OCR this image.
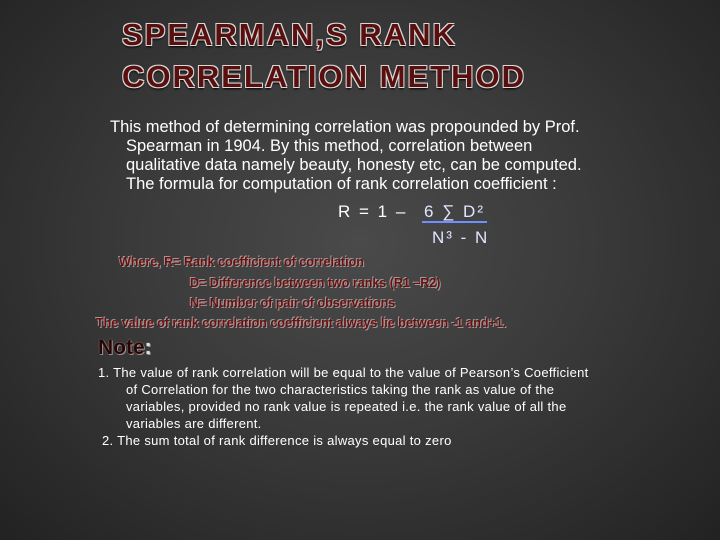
SPEARMAN,S RANK
CORRELATION METHOD

This method of determining correlation was propounded by Prof.
Spearman in 1904. By this method, correlation between
qualitative data namely beauty, honesty etc, can be computed.
The formula for computation of rank correlation coefficient :

R = 1 – 6 ∑ D²
N³ - N
Where, R= Rank coefficient of correlation
D= Difference between two ranks (R1 –R2)
N= Number of pair of observations
The value of rank correlation coefficient always lie between -1 and+1.
Note:
1. The value of rank correlation will be equal to the value of Pearson’s Coefficient
of Correlation for the two characteristics taking the rank as value of the
variables, provided no rank value is repeated i.e. the rank value of all the
variables are different.
2. The sum total of rank difference is always equal to zero
